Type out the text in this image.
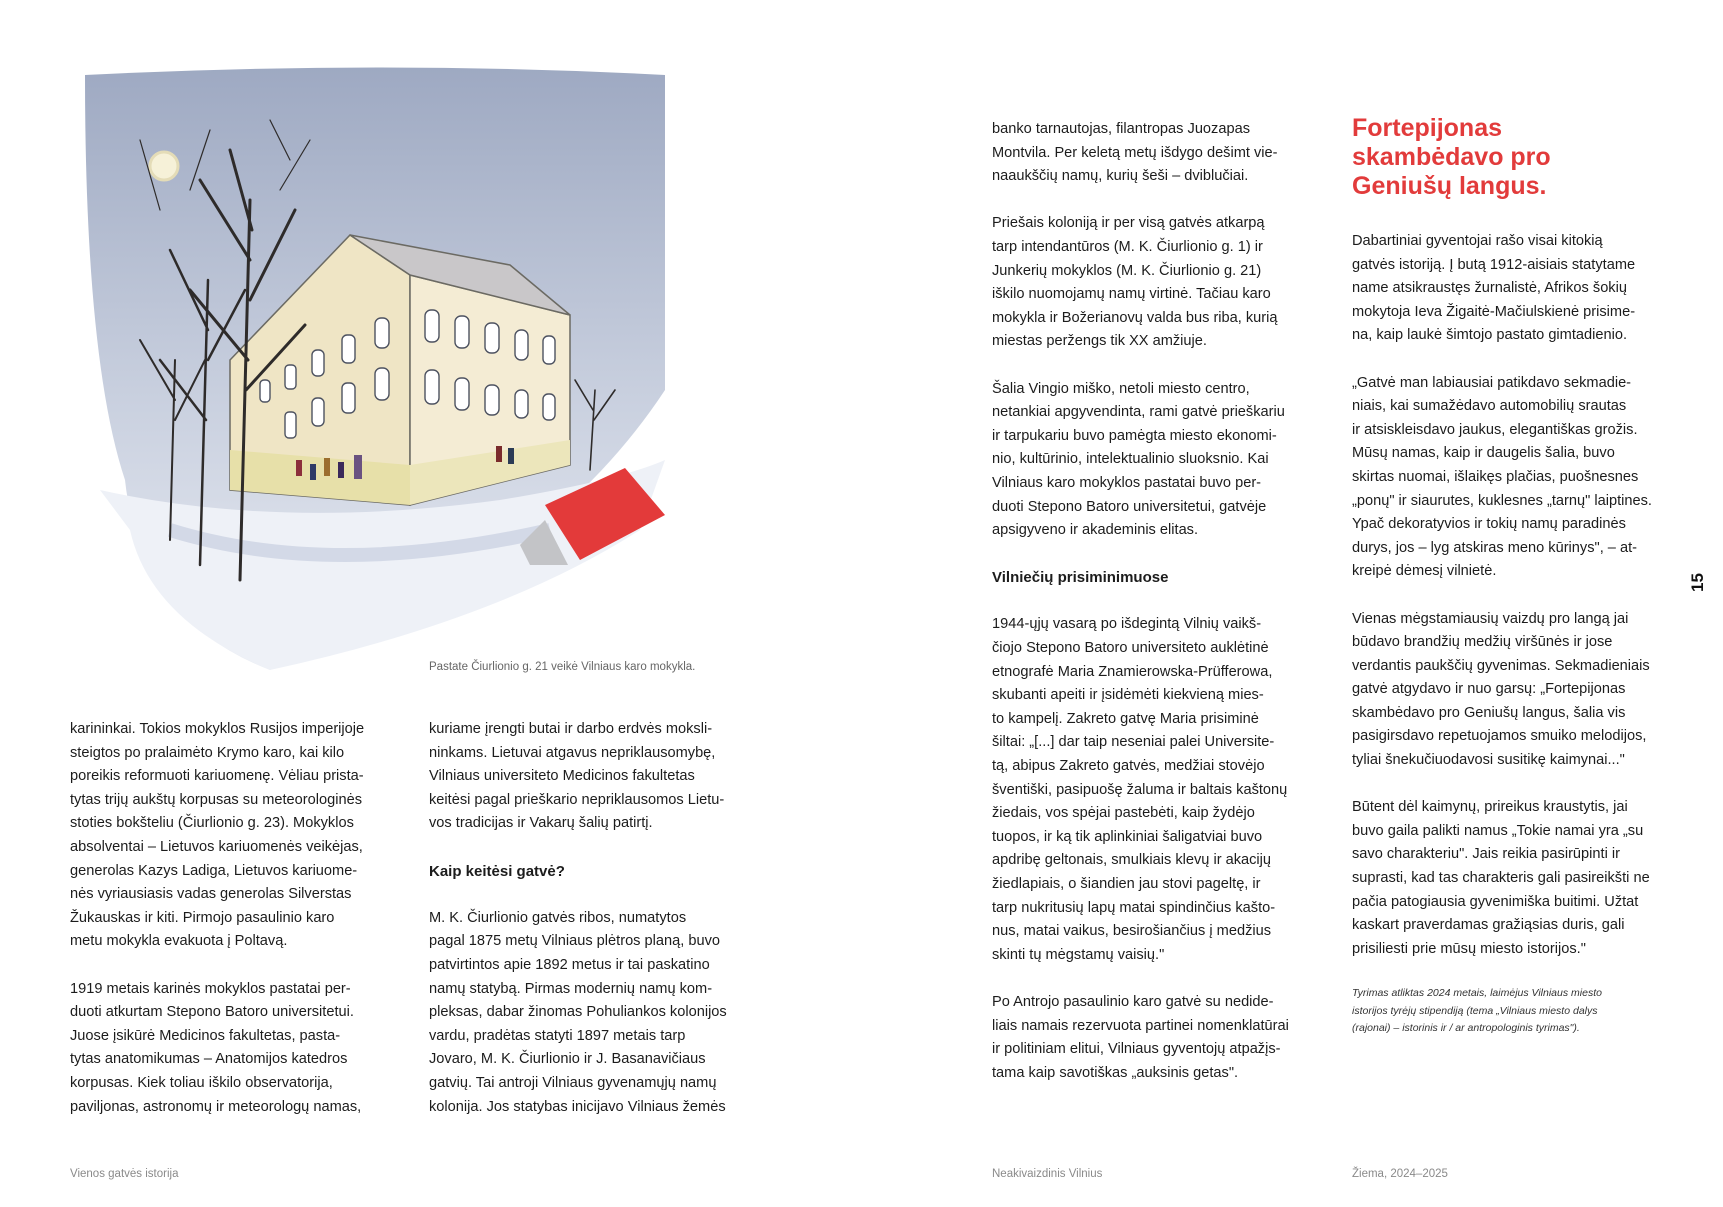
Pastate Čiurlionio g. 21 veikė Vilniaus karo mokykla.

karininkai. Tokios mokyklos Rusijos imperijoje
steigtos po pralaimėto Krymo karo, kai kilo
poreikis reformuoti kariuomenę. Vėliau prista-
tytas trijų aukštų korpusas su meteorologinės
stoties bokšteliu (Čiurlionio g. 23). Mokyklos
absolventai – Lietuvos kariuomenės veikėjas,
generolas Kazys Ladiga, Lietuvos kariuome-
nės vyriausiasis vadas generolas Silverstas
Žukauskas ir kiti. Pirmojo pasaulinio karo
metu mokykla evakuota į Poltavą.

1919 metais karinės mokyklos pastatai per-
duoti atkurtam Stepono Batoro universitetui.
Juose įsikūrė Medicinos fakultetas, pasta-
tytas anatomikumas – Anatomijos katedros
korpusas. Kiek toliau iškilo observatorija,
paviljonas, astronomų ir meteorologų namas,

kuriame įrengti butai ir darbo erdvės moksli-
ninkams. Lietuvai atgavus nepriklausomybę,
Vilniaus universiteto Medicinos fakultetas
keitėsi pagal prieškario nepriklausomos Lietu-
vos tradicijas ir Vakarų šalių patirtį.

Kaip keitėsi gatvė?

M. K. Čiurlionio gatvės ribos, numatytos
pagal 1875 metų Vilniaus plėtros planą, buvo
patvirtintos apie 1892 metus ir tai paskatino
namų statybą. Pirmas modernių namų kom-
pleksas, dabar žinomas Pohuliankos kolonijos
vardu, pradėtas statyti 1897 metais tarp
Jovaro, M. K. Čiurlionio ir J. Basanavičiaus
gatvių. Tai antroji Vilniaus gyvenamųjų namų
kolonija. Jos statybas inicijavo Vilniaus žemės

banko tarnautojas, filantropas Juozapas
Montvila. Per keletą metų išdygo dešimt vie-
naaukščių namų, kurių šeši – dviblučiai.

Priešais koloniją ir per visą gatvės atkarpą
tarp intendantūros (M. K. Čiurlionio g. 1) ir
Junkerių mokyklos (M. K. Čiurlionio g. 21)
iškilo nuomojamų namų virtinė. Tačiau karo
mokykla ir Božerianovų valda bus riba, kurią
miestas peržengs tik XX amžiuje.

Šalia Vingio miško, netoli miesto centro,
netankiai apgyvendinta, rami gatvė prieškariu
ir tarpukariu buvo pamėgta miesto ekonomi-
nio, kultūrinio, intelektualinio sluoksnio. Kai
Vilniaus karo mokyklos pastatai buvo per-
duoti Stepono Batoro universitetui, gatvėje
apsigyveno ir akademinis elitas.

Vilniečių prisiminimuose

1944-ųjų vasarą po išdegintą Vilnių vaikš-
čiojo Stepono Batoro universiteto auklėtinė
etnografė Maria Znamierowska-Prüfferowa,
skubanti apeiti ir įsidėmėti kiekvieną mies-
to kampelį. Zakreto gatvę Maria prisiminė
šiltai: „[...] dar taip neseniai palei Universite-
tą, abipus Zakreto gatvės, medžiai stovėjo
šventiški, pasipuošę žaluma ir baltais kaštonų
žiedais, vos spėjai pastebėti, kaip žydėjo
tuopos, ir ką tik aplinkiniai šaligatviai buvo
apdribę geltonais, smulkiais klevų ir akacijų
žiedlapiais, o šiandien jau stovi pageltę, ir
tarp nukritusių lapų matai spindinčius kašto-
nus, matai vaikus, besirošiančius į medžius
skinti tų mėgstamų vaisių."

Po Antrojo pasaulinio karo gatvė su nedide-
liais namais rezervuota partinei nomenklatūrai
ir politiniam elitui, Vilniaus gyventojų atpažįs-
tama kaip savotiškas „auksinis getas".

Fortepijonas
skambėdavo pro
Geniušų langus.

Dabartiniai gyventojai rašo visai kitokią
gatvės istoriją. Į butą 1912-aisiais statytame
name atsikraustęs žurnalistė, Afrikos šokių
mokytoja Ieva Žigaitė-Mačiulskienė prisime-
na, kaip laukė šimtojo pastato gimtadienio.

„Gatvė man labiausiai patikdavo sekmadie-
niais, kai sumažėdavo automobilių srautas
ir atsiskleisdavo jaukus, elegantiškas grožis.
Mūsų namas, kaip ir daugelis šalia, buvo
skirtas nuomai, išlaikęs plačias, puošnesnes
„ponų" ir siaurutes, kuklesnes „tarnų" laiptines.
Ypač dekoratyvios ir tokių namų paradinės
durys, jos – lyg atskiras meno kūrinys", – at-
kreipė dėmesį vilnietė.

Vienas mėgstamiausių vaizdų pro langą jai
būdavo brandžių medžių viršūnės ir jose
verdantis paukščių gyvenimas. Sekmadieniais
gatvė atgydavo ir nuo garsų: „Fortepijonas
skambėdavo pro Geniušų langus, šalia vis
pasigirsdavo repetuojamos smuiko melodijos,
tyliai šnekučiuodavosi susitikę kaimynai..."

Būtent dėl kaimynų, prireikus kraustytis, jai
buvo gaila palikti namus „Tokie namai yra „su
savo charakteriu". Jais reikia pasirūpinti ir
suprasti, kad tas charakteris gali pasireikšti ne
pačia patogiausia gyvenimiška buitimi. Užtat
kaskart praverdamas gražiąsias duris, gali
prisiliesti prie mūsų miesto istorijos."

Tyrimas atliktas 2024 metais, laimėjus Vilniaus miesto
istorijos tyrėjų stipendiją (tema „Vilniaus miesto dalys
(rajonai) – istorinis ir / ar antropologinis tyrimas").

15
Vienos gatvės istorija	Neakivaizdinis Vilnius	Žiema, 2024–2025
